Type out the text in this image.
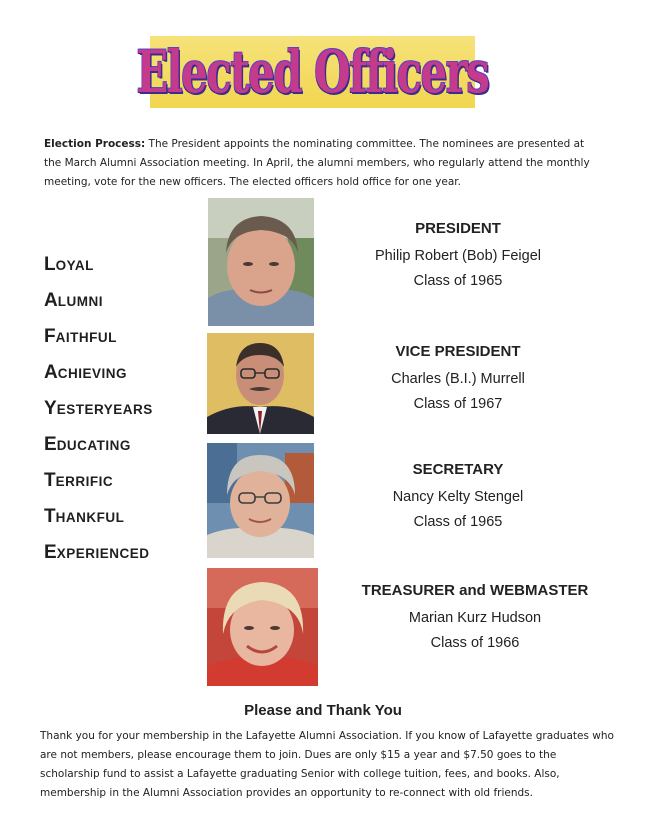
Elected Officers
Election Process: The President appoints the nominating committee. The nominees are presented at the March Alumni Association meeting. In April, the alumni members, who regularly attend the monthly meeting, vote for the new officers. The elected officers hold office for one year.
L OYAL
A LUMNI
F AITHFUL
A CHIEVING
Y ESTERYEARS
E DUCATING
T ERRIFIC
T HANKFUL
E XPERIENCED
PRESIDENT
Philip Robert (Bob) Feigel
Class of 1965
VICE PRESIDENT
Charles (B.I.) Murrell
Class of 1967
SECRETARY
Nancy Kelty Stengel
Class of 1965
TREASURER and WEBMASTER
Marian Kurz Hudson
Class of 1966
Please and Thank You
Thank you for your membership in the Lafayette Alumni Association. If you know of Lafayette graduates who are not members, please encourage them to join. Dues are only $15 a year and $7.50 goes to the scholarship fund to assist a Lafayette graduating Senior with college tuition, fees, and books. Also, membership in the Alumni Association provides an opportunity to re-connect with old friends.
